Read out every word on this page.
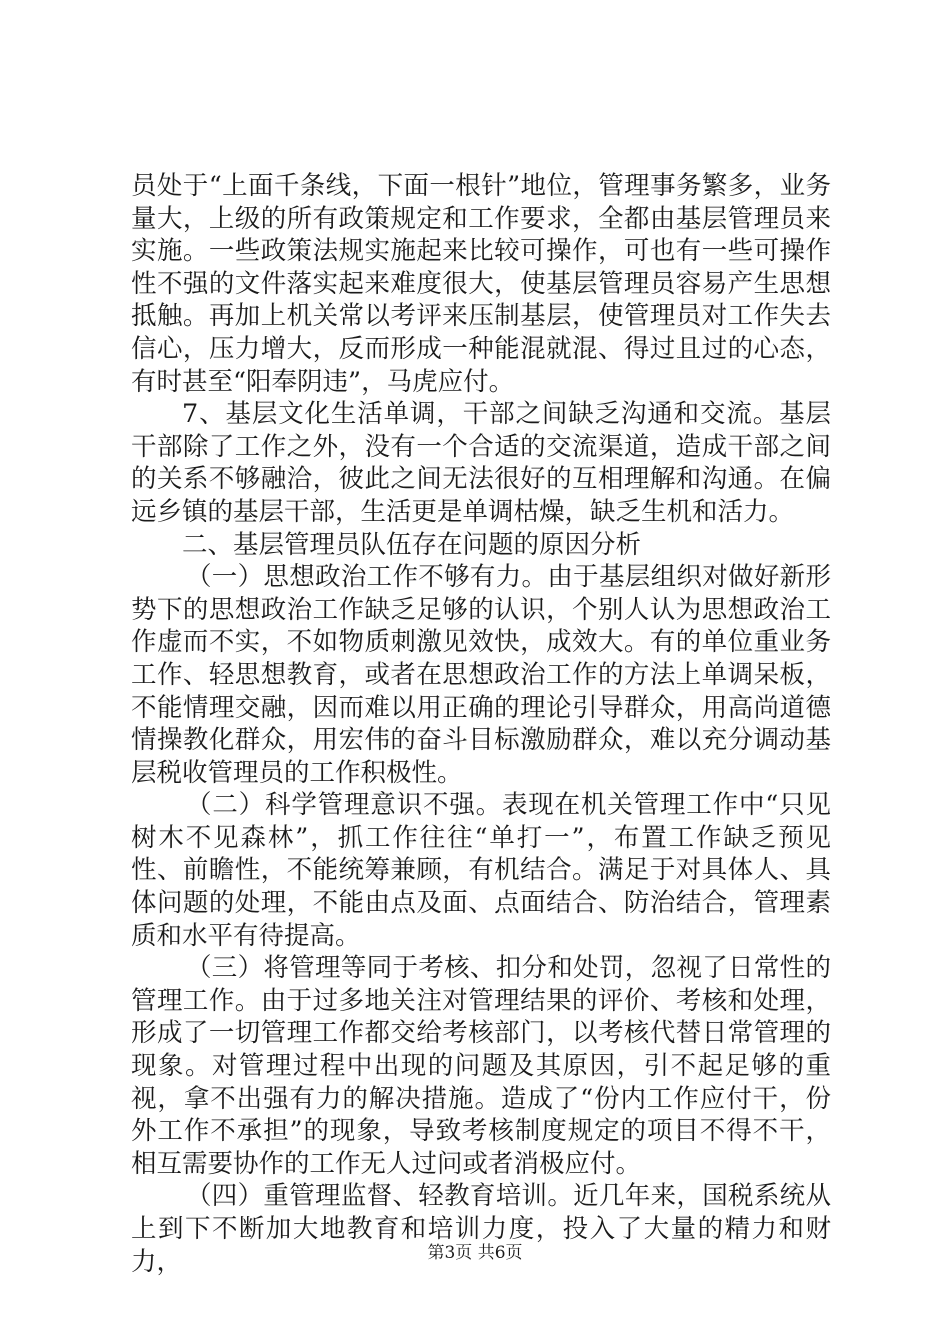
员处于“上面千条线，下面一根针”地位，管理事务繁多，业务量大，上级的所有政策规定和工作要求，全都由基层管理员来实施。一些政策法规实施起来比较可操作，可也有一些可操作性不强的文件落实起来难度很大，使基层管理员容易产生思想抵触。再加上机关常以考评来压制基层，使管理员对工作失去信心，压力增大，反而形成一种能混就混、得过且过的心态，有时甚至“阳奉阴违”，马虎应付。

7、基层文化生活单调，干部之间缺乏沟通和交流。基层干部除了工作之外，没有一个合适的交流渠道，造成干部之间的关系不够融洽，彼此之间无法很好的互相理解和沟通。在偏远乡镇的基层干部，生活更是单调枯燥，缺乏生机和活力。

二、基层管理员队伍存在问题的原因分析

（一）思想政治工作不够有力。由于基层组织对做好新形势下的思想政治工作缺乏足够的认识，个别人认为思想政治工作虚而不实，不如物质刺激见效快，成效大。有的单位重业务工作、轻思想教育，或者在思想政治工作的方法上单调呆板，不能情理交融，因而难以用正确的理论引导群众，用高尚道德情操教化群众，用宏伟的奋斗目标激励群众，难以充分调动基层税收管理员的工作积极性。

（二）科学管理意识不强。表现在机关管理工作中“只见树木不见森林”，抓工作往往“单打一”，布置工作缺乏预见性、前瞻性，不能统筹兼顾，有机结合。满足于对具体人、具体问题的处理，不能由点及面、点面结合、防治结合，管理素质和水平有待提高。

（三）将管理等同于考核、扣分和处罚，忽视了日常性的管理工作。由于过多地关注对管理结果的评价、考核和处理，形成了一切管理工作都交给考核部门，以考核代替日常管理的现象。对管理过程中出现的问题及其原因，引不起足够的重视，拿不出强有力的解决措施。造成了“份内工作应付干，份外工作不承担”的现象，导致考核制度规定的项目不得不干，相互需要协作的工作无人过问或者消极应付。

（四）重管理监督、轻教育培训。近几年来，国税系统从上到下不断加大地教育和培训力度，投入了大量的精力和财力，	第3页 共6页
